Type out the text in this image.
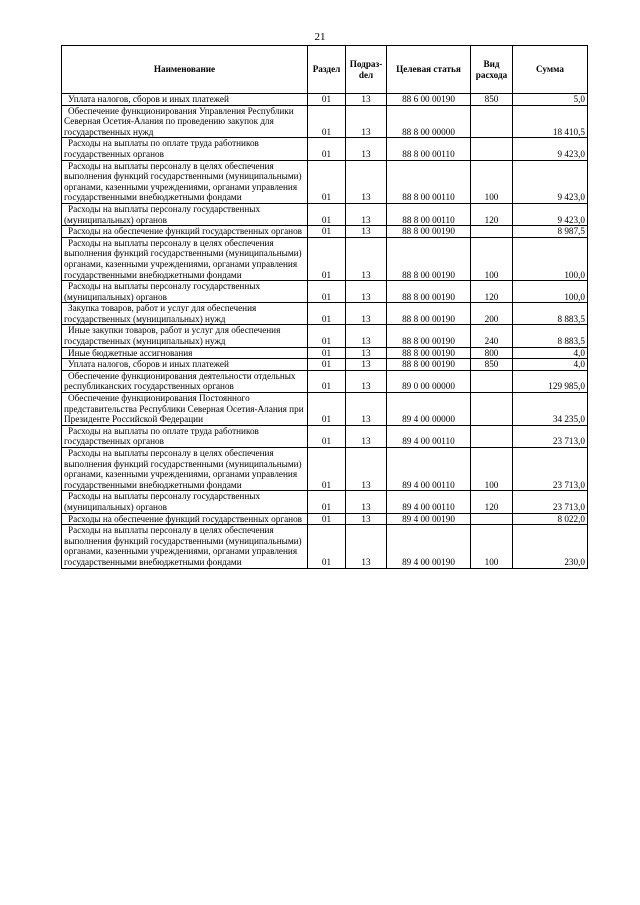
21
Наименование	Раздел	Подразdел	Целевая статья	Вид расхода	Сумма

Уплата налогов, сборов и иных платежей	01	13	88 6 00 00190	850	5,0

Обеспечение функционирования Управления Республики Северная Осетия-Алания по проведению закупок для государственных нужд	01	13	88 8 00 00000		18 410,5

Расходы на выплаты по оплате труда работников государственных органов	01	13	88 8 00 00110		9 423,0

Расходы на выплаты персоналу в целях обеспечения выполнения функций государственными (муниципальными) органами, казенными учреждениями, органами управления государственными внебюджетными фондами	01	13	88 8 00 00110	100	9 423,0

Расходы на выплаты персоналу государственных (муниципальных) органов	01	13	88 8 00 00110	120	9 423,0

Расходы на обеспечение функций государственных органов	01	13	88 8 00 00190		8 987,5

Расходы на выплаты персоналу в целях обеспечения выполнения функций государственными (муниципальными) органами, казенными учреждениями, органами управления государственными внебюджетными фондами	01	13	88 8 00 00190	100	100,0

Расходы на выплаты персоналу государственных (муниципальных) органов	01	13	88 8 00 00190	120	100,0

Закупка товаров, работ и услуг для обеспечения государственных (муниципальных) нужд	01	13	88 8 00 00190	200	8 883,5

Иные закупки товаров, работ и услуг для обеспечения государственных (муниципальных) нужд	01	13	88 8 00 00190	240	8 883,5

Иные бюджетные ассигнования	01	13	88 8 00 00190	800	4,0

Уплата налогов, сборов и иных платежей	01	13	88 8 00 00190	850	4,0

Обеспечение функционирования деятельности отдельных республиканских государственных органов	01	13	89 0 00 00000		129 985,0

Обеспечение функционирования Постоянного представительства Республики Северная Осетия-Алания при Президенте Российской Федерации	01	13	89 4 00 00000		34 235,0

Расходы на выплаты по оплате труда работников государственных органов	01	13	89 4 00 00110		23 713,0

Расходы на выплаты персоналу в целях обеспечения выполнения функций государственными (муниципальными) органами, казенными учреждениями, органами управления государственными внебюджетными фондами	01	13	89 4 00 00110	100	23 713,0

Расходы на выплаты персоналу государственных (муниципальных) органов	01	13	89 4 00 00110	120	23 713,0

Расходы на обеспечение функций государственных органов	01	13	89 4 00 00190		8 022,0

Расходы на выплаты персоналу в целях обеспечения выполнения функций государственными (муниципальными) органами, казенными учреждениями, органами управления государственными внебюджетными фондами	01	13	89 4 00 00190	100	230,0
